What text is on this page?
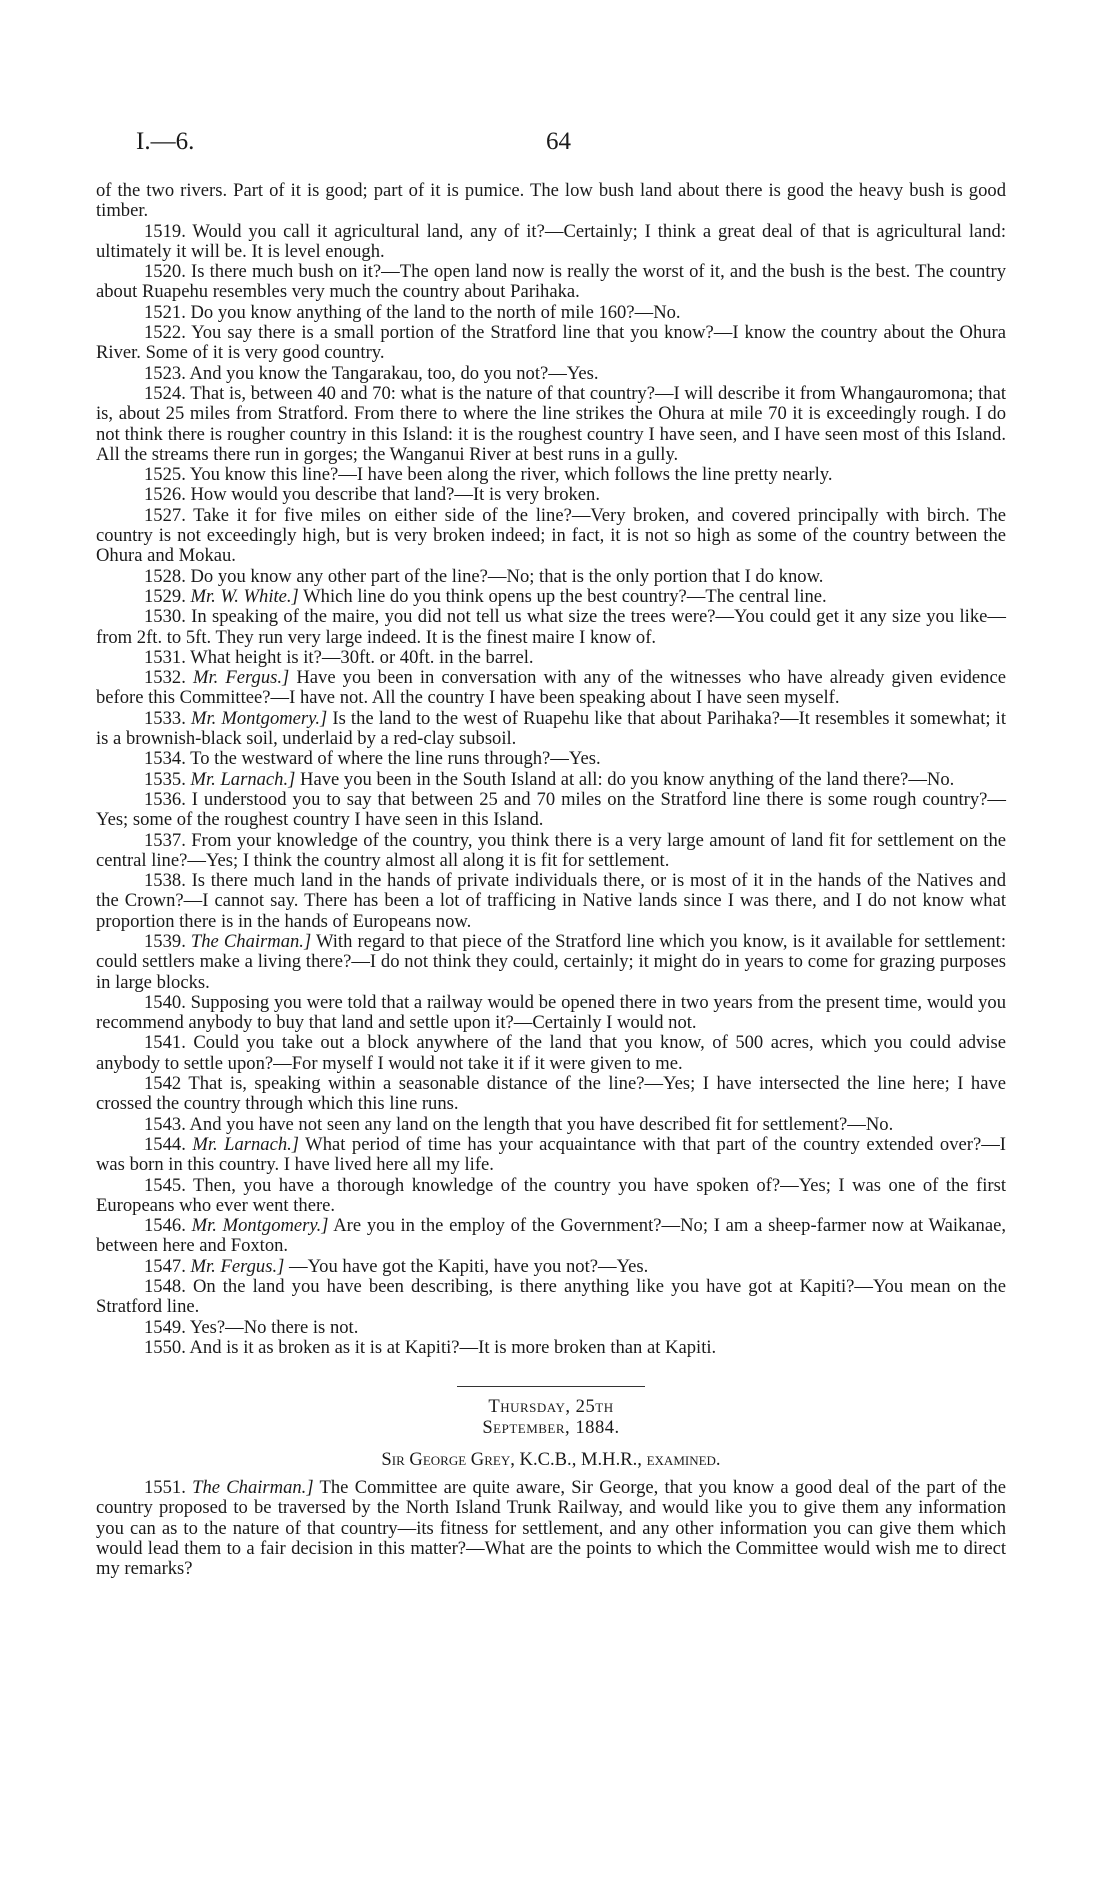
I.—6.	64

of the two rivers. Part of it is good; part of it is pumice. The low bush land about there is good the heavy bush is good timber.

1519. Would you call it agricultural land, any of it?—Certainly; I think a great deal of that is agricultural land: ultimately it will be. It is level enough.

1520. Is there much bush on it?—The open land now is really the worst of it, and the bush is the best. The country about Ruapehu resembles very much the country about Parihaka.

1521. Do you know anything of the land to the north of mile 160?—No.

1522. You say there is a small portion of the Stratford line that you know?—I know the country about the Ohura River. Some of it is very good country.

1523. And you know the Tangarakau, too, do you not?—Yes.

1524. That is, between 40 and 70: what is the nature of that country?—I will describe it from Whangauromona; that is, about 25 miles from Stratford. From there to where the line strikes the Ohura at mile 70 it is exceedingly rough. I do not think there is rougher country in this Island: it is the roughest country I have seen, and I have seen most of this Island. All the streams there run in gorges; the Wanganui River at best runs in a gully.

1525. You know this line?—I have been along the river, which follows the line pretty nearly.

1526. How would you describe that land?—It is very broken.

1527. Take it for five miles on either side of the line?—Very broken, and covered principally with birch. The country is not exceedingly high, but is very broken indeed; in fact, it is not so high as some of the country between the Ohura and Mokau.

1528. Do you know any other part of the line?—No; that is the only portion that I do know.

1529. Mr. W. White.] Which line do you think opens up the best country?—The central line.

1530. In speaking of the maire, you did not tell us what size the trees were?—You could get it any size you like—from 2ft. to 5ft. They run very large indeed. It is the finest maire I know of.

1531. What height is it?—30ft. or 40ft. in the barrel.

1532. Mr. Fergus.] Have you been in conversation with any of the witnesses who have already given evidence before this Committee?—I have not. All the country I have been speaking about I have seen myself.

1533. Mr. Montgomery.] Is the land to the west of Ruapehu like that about Parihaka?—It resembles it somewhat; it is a brownish-black soil, underlaid by a red-clay subsoil.

1534. To the westward of where the line runs through?—Yes.

1535. Mr. Larnach.] Have you been in the South Island at all: do you know anything of the land there?—No.

1536. I understood you to say that between 25 and 70 miles on the Stratford line there is some rough country?—Yes; some of the roughest country I have seen in this Island.

1537. From your knowledge of the country, you think there is a very large amount of land fit for settlement on the central line?—Yes; I think the country almost all along it is fit for settlement.

1538. Is there much land in the hands of private individuals there, or is most of it in the hands of the Natives and the Crown?—I cannot say. There has been a lot of trafficing in Native lands since I was there, and I do not know what proportion there is in the hands of Europeans now.

1539. The Chairman.] With regard to that piece of the Stratford line which you know, is it available for settlement: could settlers make a living there?—I do not think they could, certainly; it might do in years to come for grazing purposes in large blocks.

1540. Supposing you were told that a railway would be opened there in two years from the present time, would you recommend anybody to buy that land and settle upon it?—Certainly I would not.

1541. Could you take out a block anywhere of the land that you know, of 500 acres, which you could advise anybody to settle upon?—For myself I would not take it if it were given to me.

1542 That is, speaking within a seasonable distance of the line?—Yes; I have intersected the line here; I have crossed the country through which this line runs.

1543. And you have not seen any land on the length that you have described fit for settlement?—No.

1544. Mr. Larnach.] What period of time has your acquaintance with that part of the country extended over?—I was born in this country. I have lived here all my life.

1545. Then, you have a thorough knowledge of the country you have spoken of?—Yes; I was one of the first Europeans who ever went there.

1546. Mr. Montgomery.] Are you in the employ of the Government?—No; I am a sheep-farmer now at Waikanae, between here and Foxton.

1547. Mr. Fergus.] —You have got the Kapiti, have you not?—Yes.

1548. On the land you have been describing, is there anything like you have got at Kapiti?—You mean on the Stratford line.

1549. Yes?—No there is not.

1550. And is it as broken as it is at Kapiti?—It is more broken than at Kapiti.

Thursday, 25th September, 1884.
Sir George Grey, K.C.B., M.H.R., examined.

1551. The Chairman.] The Committee are quite aware, Sir George, that you know a good deal of the part of the country proposed to be traversed by the North Island Trunk Railway, and would like you to give them any information you can as to the nature of that country—its fitness for settlement, and any other information you can give them which would lead them to a fair decision in this matter?—What are the points to which the Committee would wish me to direct my remarks?
